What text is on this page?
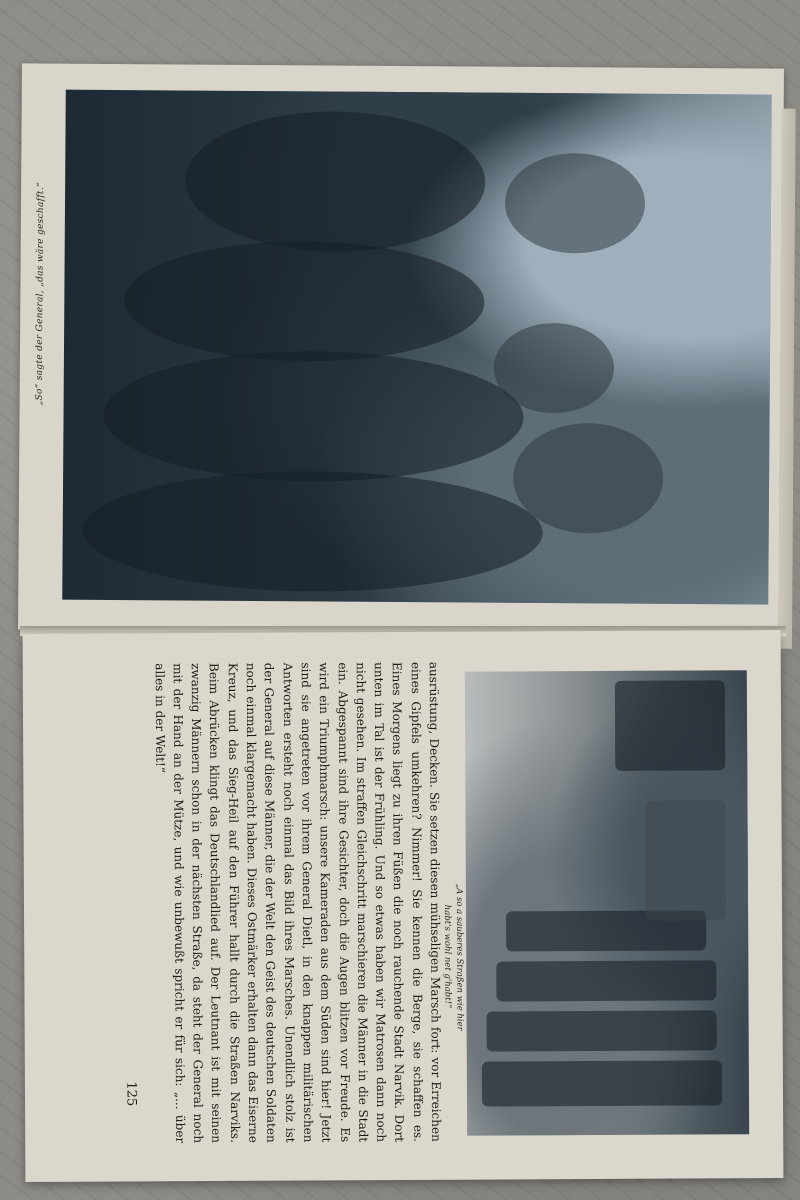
„So“ sagte der General, „das wäre geschafft.“

ausrüstung, Decken. Sie setzen diesen mühseligen Marsch fort: vor Erreichen eines Gipfels umkehren? Nimmer! Sie kennen die Berge, sie schaffen es. Eines Morgens liegt zu ihren Füßen die noch rauchende Stadt Narvik. Dort unten im Tal ist der Frühling. Und so etwas haben wir Matrosen dann noch nicht gesehen. Im straffen Gleichschritt marschieren die Männer in die Stadt ein. Abgespannt sind ihre Gesichter, doch die Augen blitzen vor Freude. Es wird ein Triumphmarsch: unsere Kameraden aus dem Süden sind hier! Jetzt sind sie angetreten vor ihrem General Dietl, in den knappen militärischen Antworten ersteht noch einmal das Bild ihres Marsches. Unendlich stolz ist der General auf diese Männer, die der Welt den Geist des deutschen Soldaten noch einmal klargemacht haben. Dieses Ostmärker erhalten dann das Eiserne Kreuz, und das Sieg-Heil auf den Führer hallt durch die Straßen Narviks. Beim Abrücken klingt das Deutschlandlied auf. Der Leutnant ist mit seinen zwanzig Männern schon in der nächsten Straße, da steht der General noch mit der Hand an der Mütze, und wie unbewußt spricht er für sich: „... über alles in der Welt!“

125
„A so a sauberes Straßen wie hier
habt's wohl net g'habt!“
